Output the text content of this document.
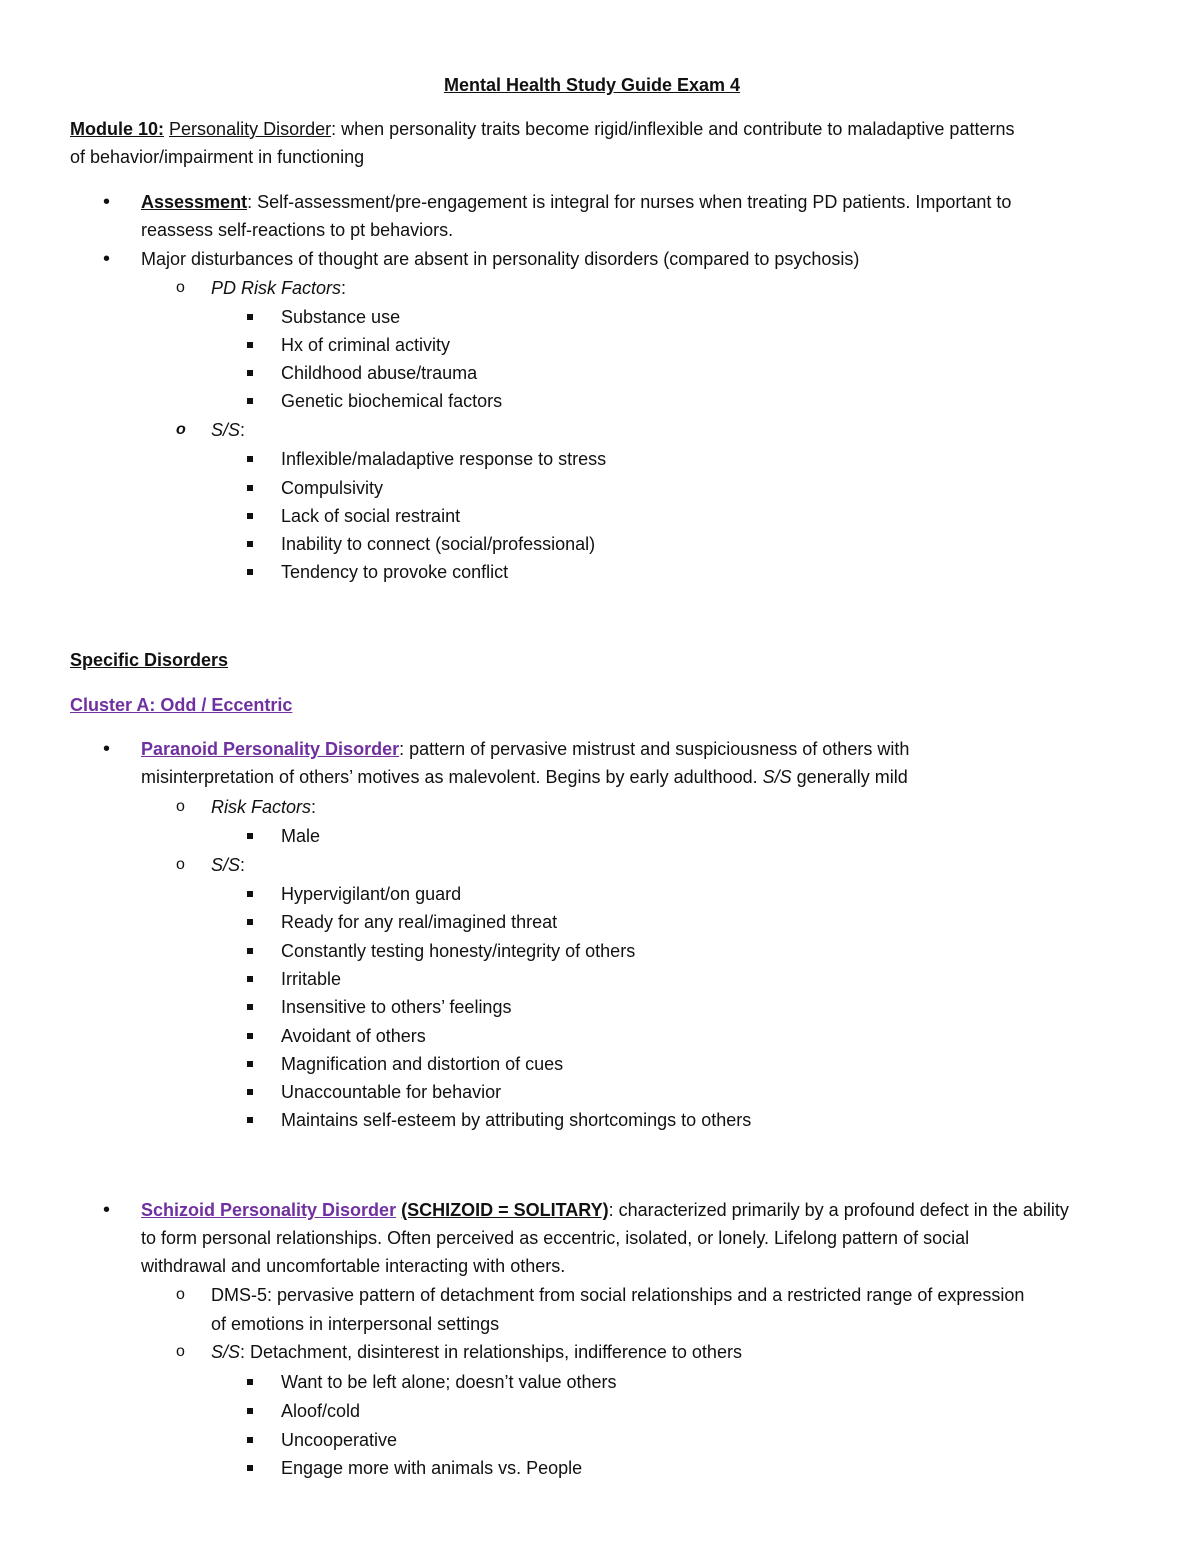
Mental Health Study Guide Exam 4
Module 10: Personality Disorder: when personality traits become rigid/inflexible and contribute to maladaptive patterns
of behavior/impairment in functioning
• Assessment: Self-assessment/pre-engagement is integral for nurses when treating PD patients. Important to
reassess self-reactions to pt behaviors.
• Major disturbances of thought are absent in personality disorders (compared to psychosis)
o PD Risk Factors:
Substance use
Hx of criminal activity
Childhood abuse/trauma
Genetic biochemical factors
o S/S:
Inflexible/maladaptive response to stress
Compulsivity
Lack of social restraint
Inability to connect (social/professional)
Tendency to provoke conflict
Specific Disorders
Cluster A: Odd / Eccentric
• Paranoid Personality Disorder: pattern of pervasive mistrust and suspiciousness of others with
misinterpretation of others’ motives as malevolent. Begins by early adulthood. S/S generally mild
o Risk Factors:
Male
o S/S:
Hypervigilant/on guard
Ready for any real/imagined threat
Constantly testing honesty/integrity of others
Irritable
Insensitive to others’ feelings
Avoidant of others
Magnification and distortion of cues
Unaccountable for behavior
Maintains self-esteem by attributing shortcomings to others
• Schizoid Personality Disorder (SCHIZOID = SOLITARY): characterized primarily by a profound defect in the ability
to form personal relationships. Often perceived as eccentric, isolated, or lonely. Lifelong pattern of social
withdrawal and uncomfortable interacting with others.
o DMS-5: pervasive pattern of detachment from social relationships and a restricted range of expression
of emotions in interpersonal settings
o S/S: Detachment, disinterest in relationships, indifference to others
Want to be left alone; doesn’t value others
Aloof/cold
Uncooperative
Engage more with animals vs. People
